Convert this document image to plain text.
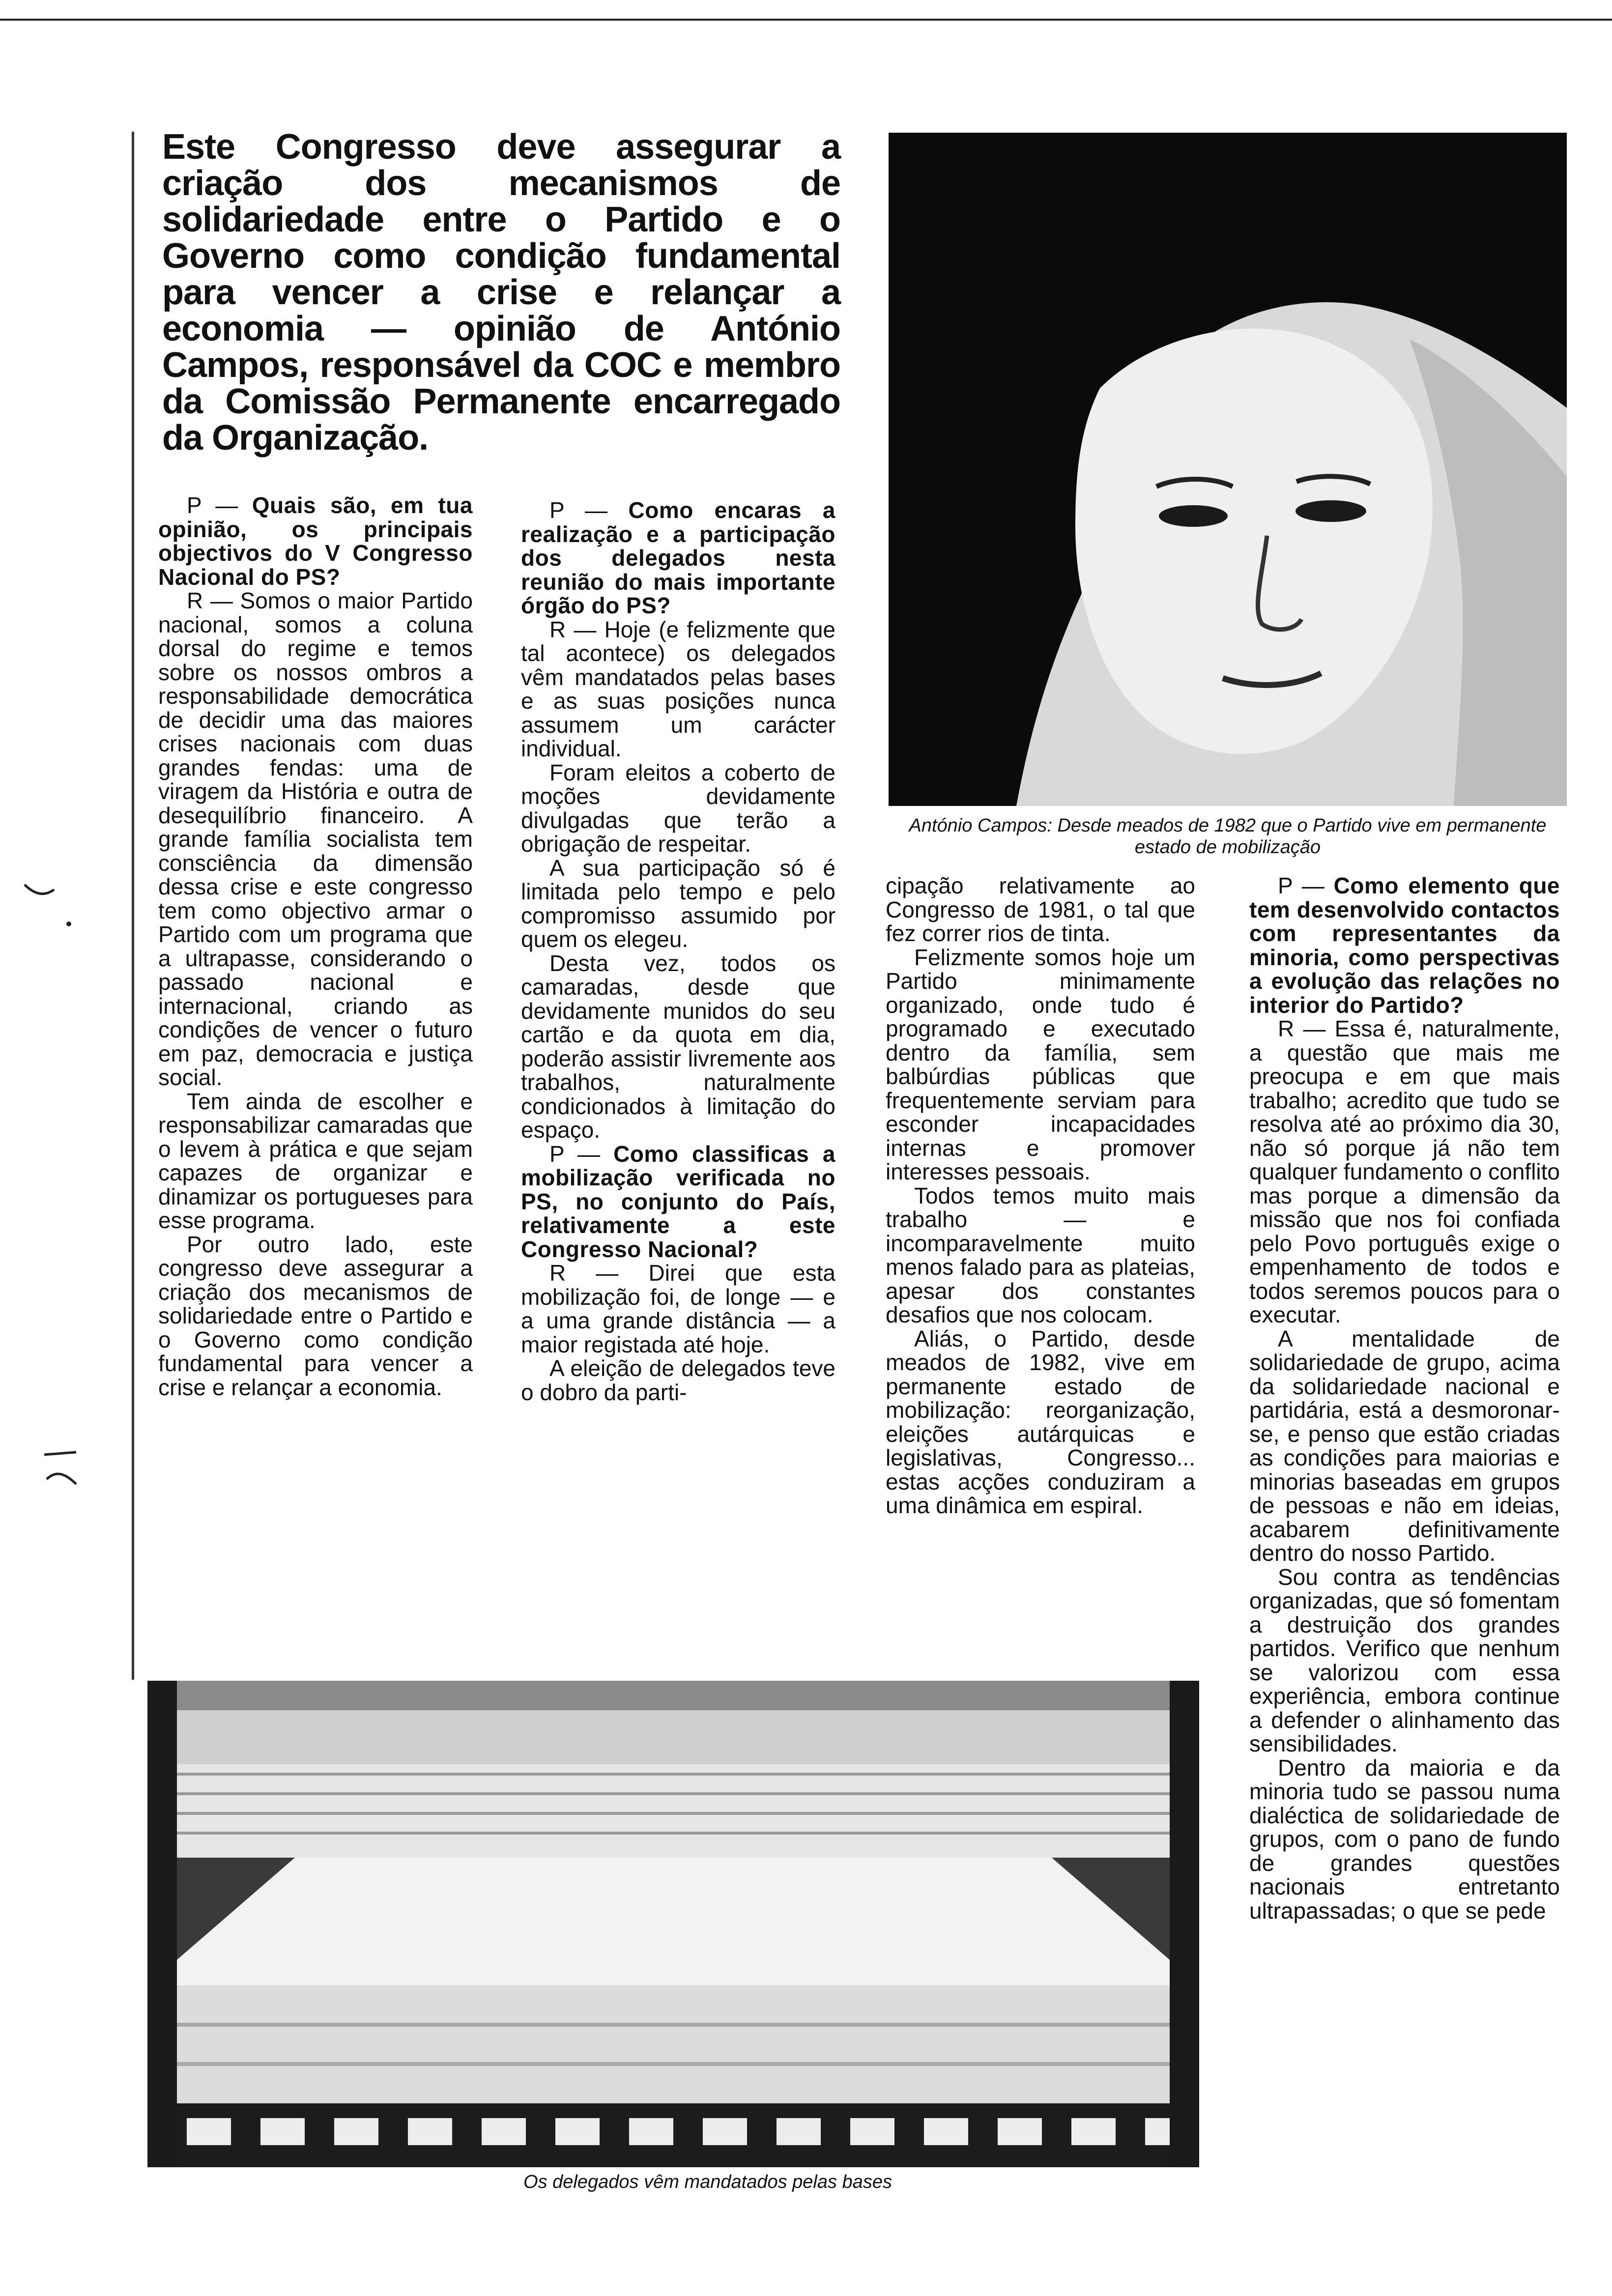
Este Congresso deve assegurar a criação dos mecanismos de solidariedade entre o Partido e o Governo como condição fundamental para vencer a crise e relançar a economia — opinião de António Campos, responsável da COC e membro da Comissão Permanente encarregado da Organização.

P — Quais são, em tua opinião, os principais objectivos do V Congresso Nacional do PS?

R — Somos o maior Partido nacional, somos a coluna dorsal do regime e temos sobre os nossos ombros a responsabilidade democrática de decidir uma das maiores crises nacionais com duas grandes fendas: uma de viragem da História e outra de desequilíbrio financeiro. A grande família socialista tem consciência da dimensão dessa crise e este congresso tem como objectivo armar o Partido com um programa que a ultrapasse, considerando o passado nacional e internacional, criando as condições de vencer o futuro em paz, democracia e justiça social.

Tem ainda de escolher e responsabilizar camaradas que o levem à prática e que sejam capazes de organizar e dinamizar os portugueses para esse programa.

Por outro lado, este congresso deve assegurar a criação dos mecanismos de solidariedade entre o Partido e o Governo como condição fundamental para vencer a crise e relançar a economia.

P — Como encaras a realização e a participação dos delegados nesta reunião do mais importante órgão do PS?

R — Hoje (e felizmente que tal acontece) os delegados vêm mandatados pelas bases e as suas posições nunca assumem um carácter individual.

Foram eleitos a coberto de moções devidamente divulgadas que terão a obrigação de respeitar.

A sua participação só é limitada pelo tempo e pelo compromisso assumido por quem os elegeu.

Desta vez, todos os camaradas, desde que devidamente munidos do seu cartão e da quota em dia, poderão assistir livremente aos trabalhos, naturalmente condicionados à limitação do espaço.

P — Como classificas a mobilização verificada no PS, no conjunto do País, relativamente a este Congresso Nacional?

R — Direi que esta mobilização foi, de longe — e a uma grande distância — a maior registada até hoje.

A eleição de delegados teve o dobro da parti-

cipação relativamente ao Congresso de 1981, o tal que fez correr rios de tinta.

Felizmente somos hoje um Partido minimamente organizado, onde tudo é programado e executado dentro da família, sem balbúrdias públicas que frequentemente serviam para esconder incapacidades internas e promover interesses pessoais.

Todos temos muito mais trabalho — e incomparavelmente muito menos falado para as plateias, apesar dos constantes desafios que nos colocam.

Aliás, o Partido, desde meados de 1982, vive em permanente estado de mobilização: reorganização, eleições autárquicas e legislativas, Congresso... estas acções conduziram a uma dinâmica em espiral.

P — Como elemento que tem desenvolvido contactos com representantes da minoria, como perspectivas a evolução das relações no interior do Partido?

R — Essa é, naturalmente, a questão que mais me preocupa e em que mais trabalho; acredito que tudo se resolva até ao próximo dia 30, não só porque já não tem qualquer fundamento o conflito mas porque a dimensão da missão que nos foi confiada pelo Povo português exige o empenhamento de todos e todos seremos poucos para o executar.

A mentalidade de solidariedade de grupo, acima da solidariedade nacional e partidária, está a desmoronar-se, e penso que estão criadas as condições para maiorias e minorias baseadas em grupos de pessoas e não em ideias, acabarem definitivamente dentro do nosso Partido.

Sou contra as tendências organizadas, que só fomentam a destruição dos grandes partidos. Verifico que nenhum se valorizou com essa experiência, embora continue a defender o alinhamento das sensibilidades.

Dentro da maioria e da minoria tudo se passou numa dialéctica de solidariedade de grupos, com o pano de fundo de grandes questões nacionais entretanto ultrapassadas; o que se pede

António Campos: Desde meados de 1982 que o Partido vive em permanente estado de mobilização
Os delegados vêm mandatados pelas bases
